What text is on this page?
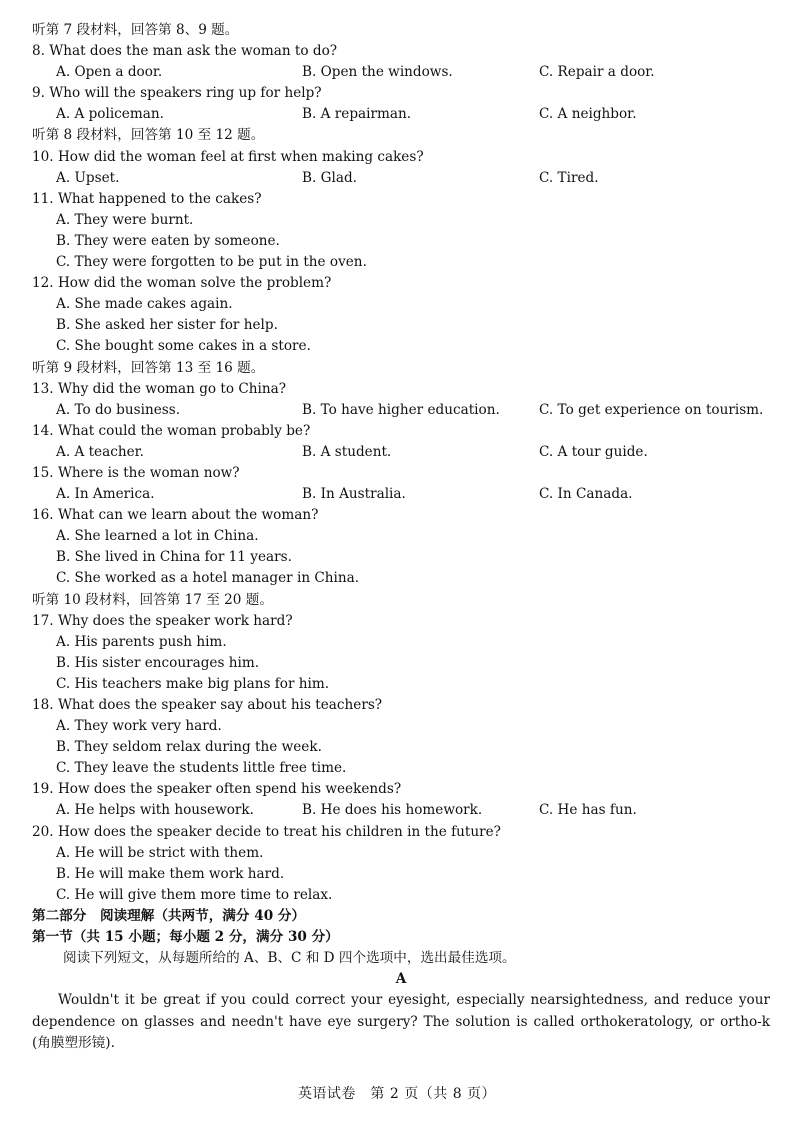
听第 7 段材料，回答第 8、9 题。
8. What does the man ask the woman to do?
A. Open a door.	B. Open the windows.	C. Repair a door.
9. Who will the speakers ring up for help?
A. A policeman.	B. A repairman.	C. A neighbor.
听第 8 段材料，回答第 10 至 12 题。
10. How did the woman feel at first when making cakes?
A. Upset.	B. Glad.	C. Tired.
11. What happened to the cakes?
A. They were burnt.
B. They were eaten by someone.
C. They were forgotten to be put in the oven.
12. How did the woman solve the problem?
A. She made cakes again.
B. She asked her sister for help.
C. She bought some cakes in a store.
听第 9 段材料，回答第 13 至 16 题。
13. Why did the woman go to China?
A. To do business.	B. To have higher education.	C. To get experience on tourism.
14. What could the woman probably be?
A. A teacher.	B. A student.	C. A tour guide.
15. Where is the woman now?
A. In America.	B. In Australia.	C. In Canada.
16. What can we learn about the woman?
A. She learned a lot in China.
B. She lived in China for 11 years.
C. She worked as a hotel manager in China.
听第 10 段材料，回答第 17 至 20 题。
17. Why does the speaker work hard?
A. His parents push him.
B. His sister encourages him.
C. His teachers make big plans for him.
18. What does the speaker say about his teachers?
A. They work very hard.
B. They seldom relax during the week.
C. They leave the students little free time.
19. How does the speaker often spend his weekends?
A. He helps with housework.	B. He does his homework.	C. He has fun.
20. How does the speaker decide to treat his children in the future?
A. He will be strict with them.
B. He will make them work hard.
C. He will give them more time to relax.
第二部分　阅读理解（共两节，满分 40 分）
第一节（共 15 小题；每小题 2 分，满分 30 分）
阅读下列短文，从每题所给的 A、B、C 和 D 四个选项中，选出最佳选项。
A

Wouldn't it be great if you could correct your eyesight, especially nearsightedness, and reduce your dependence on glasses and needn't have eye surgery? The solution is called orthokeratology, or ortho-k (角膜塑形镜).

英语试卷　第 2 页（共 8 页）
